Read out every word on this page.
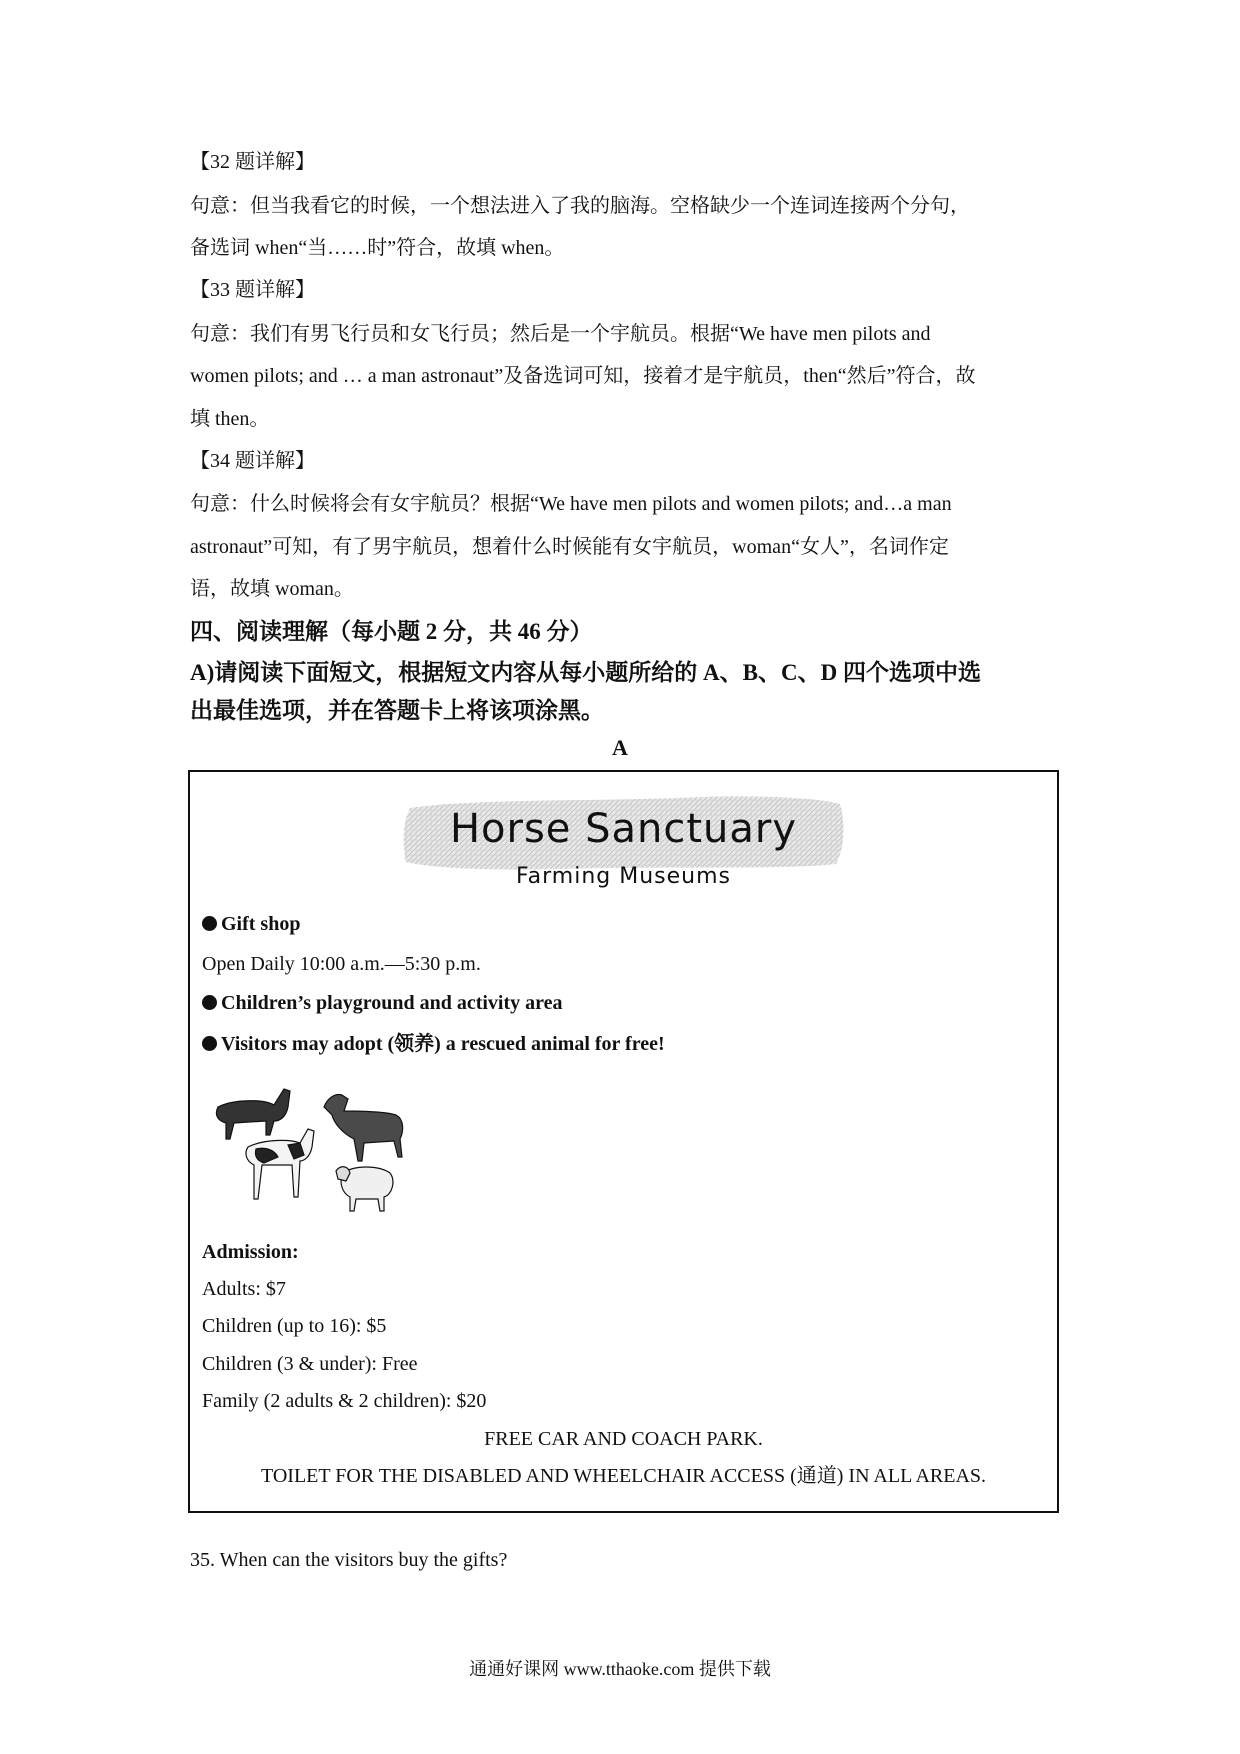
【32 题详解】
句意：但当我看它的时候，一个想法进入了我的脑海。空格缺少一个连词连接两个分句，
备选词 when“当……时”符合，故填 when。
【33 题详解】
句意：我们有男飞行员和女飞行员；然后是一个宇航员。根据“We have men pilots and
women pilots; and … a man astronaut”及备选词可知，接着才是宇航员，then“然后”符合，故
填 then。
【34 题详解】
句意：什么时候将会有女宇航员？根据“We have men pilots and women pilots; and…a man
astronaut”可知，有了男宇航员，想着什么时候能有女宇航员，woman“女人”，名词作定
语，故填 woman。
四、阅读理解（每小题 2 分，共 46 分）
A)请阅读下面短文，根据短文内容从每小题所给的 A、B、C、D 四个选项中选
出最佳选项，并在答题卡上将该项涂黑。
A
Horse Sanctuary
Farming Museums
Gift shop
Open Daily 10:00 a.m.—5:30 p.m.
Children’s playground and activity area
Visitors may adopt (领养) a rescued animal for free!
Admission:
Adults: $7
Children (up to 16): $5
Children (3 & under): Free
Family (2 adults & 2 children): $20
FREE CAR AND COACH PARK.
TOILET FOR THE DISABLED AND WHEELCHAIR ACCESS (通道) IN ALL AREAS.
35. When can the visitors buy the gifts?
通通好课网 www.tthaoke.com 提供下载
